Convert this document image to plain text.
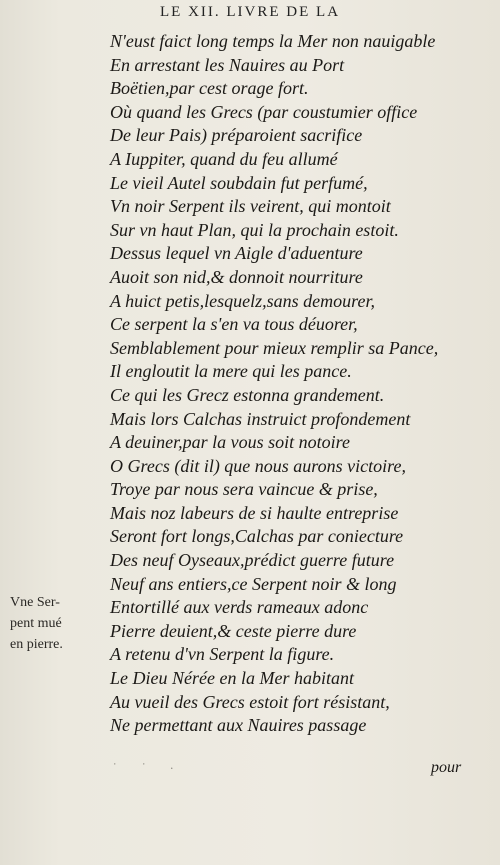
LE XII. LIVRE DE LA
N'eust faict long temps la Mer non nauigable
En arrestant les Nauires au Port
Boëtien,par cest orage fort.
Où quand les Grecs (par coustumier office
De leur Pais) préparoient sacrifice
A Iuppiter, quand du feu allumé
Le vieil Autel soubdain fut perfumé,
Vn noir Serpent ils veirent, qui montoit
Sur vn haut Plan, qui la prochain estoit.
Dessus lequel vn Aigle d'aduenture
Auoit son nid,& donnoit nourriture
A huict petis,lesquelz,sans demourer,
Ce serpent la s'en va tous déuorer,
Semblablement pour mieux remplir sa Pance,
Il engloutit la mere qui les pance.
Ce qui les Grecz estonna grandement.
Mais lors Calchas instruict profondement
A deuiner,par la vous soit notoire
O Grecs (dit il) que nous aurons victoire,
Troye par nous sera vaincue & prise,
Mais noz labeurs de si haulte entreprise
Seront fort longs,Calchas par coniecture
Des neuf Oyseaux,prédict guerre future
Neuf ans entiers,ce Serpent noir & long
Entortillé aux verds rameaux adonc
Pierre deuient,& ceste pierre dure
A retenu d'vn Serpent la figure.
Le Dieu Nérée en la Mer habitant
Au vueil des Grecs estoit fort résistant,
Ne permettant aux Nauires passage
Vne Ser-
pent mué
en pierre.
˙ ˙ ·	pour
